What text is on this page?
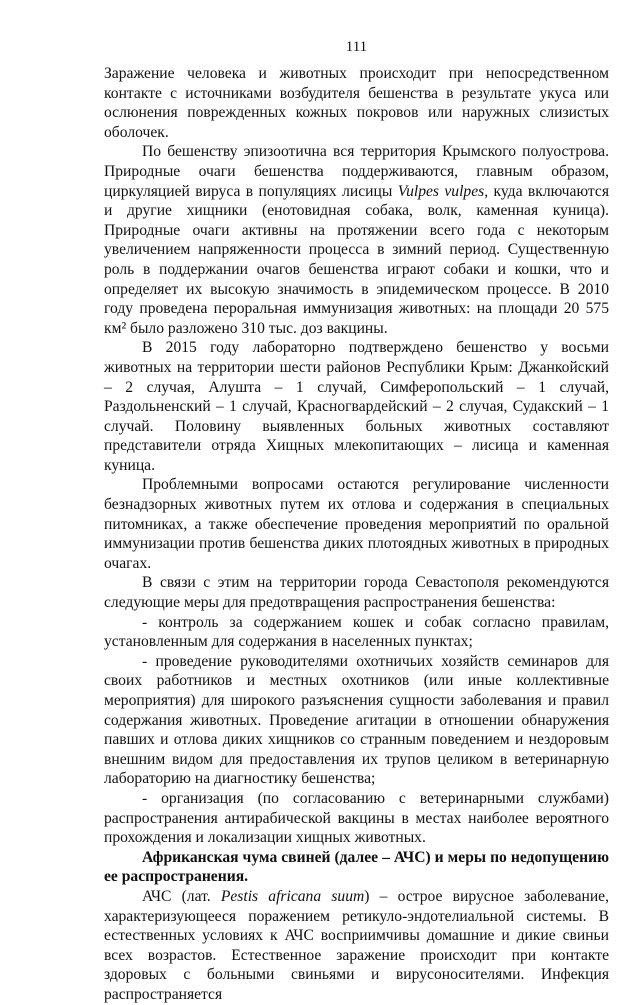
111

Заражение человека и животных происходит при непосредственном контакте с источниками возбудителя бешенства в результате укуса или ослюнения поврежденных кожных покровов или наружных слизистых оболочек.

По бешенству эпизоотична вся территория Крымского полуострова. Природные очаги бешенства поддерживаются, главным образом, циркуляцией вируса в популяциях лисицы Vulpes vulpes, куда включаются и другие хищники (енотовидная собака, волк, каменная куница). Природные очаги активны на протяжении всего года с некоторым увеличением напряженности процесса в зимний период. Существенную роль в поддержании очагов бешенства играют собаки и кошки, что и определяет их высокую значимость в эпидемическом процессе. В 2010 году проведена пероральная иммунизация животных: на площади 20 575 км² было разложено 310 тыс. доз вакцины.

В 2015 году лабораторно подтверждено бешенство у восьми животных на территории шести районов Республики Крым: Джанкойский – 2 случая, Алушта – 1 случай, Симферопольский – 1 случай, Раздольненский – 1 случай, Красногвардейский – 2 случая, Судакский – 1 случай. Половину выявленных больных животных составляют представители отряда Хищных млекопитающих – лисица и каменная куница.

Проблемными вопросами остаются регулирование численности безнадзорных животных путем их отлова и содержания в специальных питомниках, а также обеспечение проведения мероприятий по оральной иммунизации против бешенства диких плотоядных животных в природных очагах.

В связи с этим на территории города Севастополя рекомендуются следующие меры для предотвращения распространения бешенства:

- контроль за содержанием кошек и собак согласно правилам, установленным для содержания в населенных пунктах;

- проведение руководителями охотничьих хозяйств семинаров для своих работников и местных охотников (или иные коллективные мероприятия) для широкого разъяснения сущности заболевания и правил содержания животных. Проведение агитации в отношении обнаружения павших и отлова диких хищников со странным поведением и нездоровым внешним видом для предоставления их трупов целиком в ветеринарную лабораторию на диагностику бешенства;

- организация (по согласованию с ветеринарными службами) распространения антирабической вакцины в местах наиболее вероятного прохождения и локализации хищных животных.

Африканская чума свиней (далее – АЧС) и меры по недопущению ее распространения.

АЧС (лат. Pestis africana suum) – острое вирусное заболевание, характеризующееся поражением ретикуло-эндотелиальной системы. В естественных условиях к АЧС восприимчивы домашние и дикие свиньи всех возрастов. Естественное заражение происходит при контакте здоровых с больными свиньями и вирусоносителями. Инфекция распространяется
